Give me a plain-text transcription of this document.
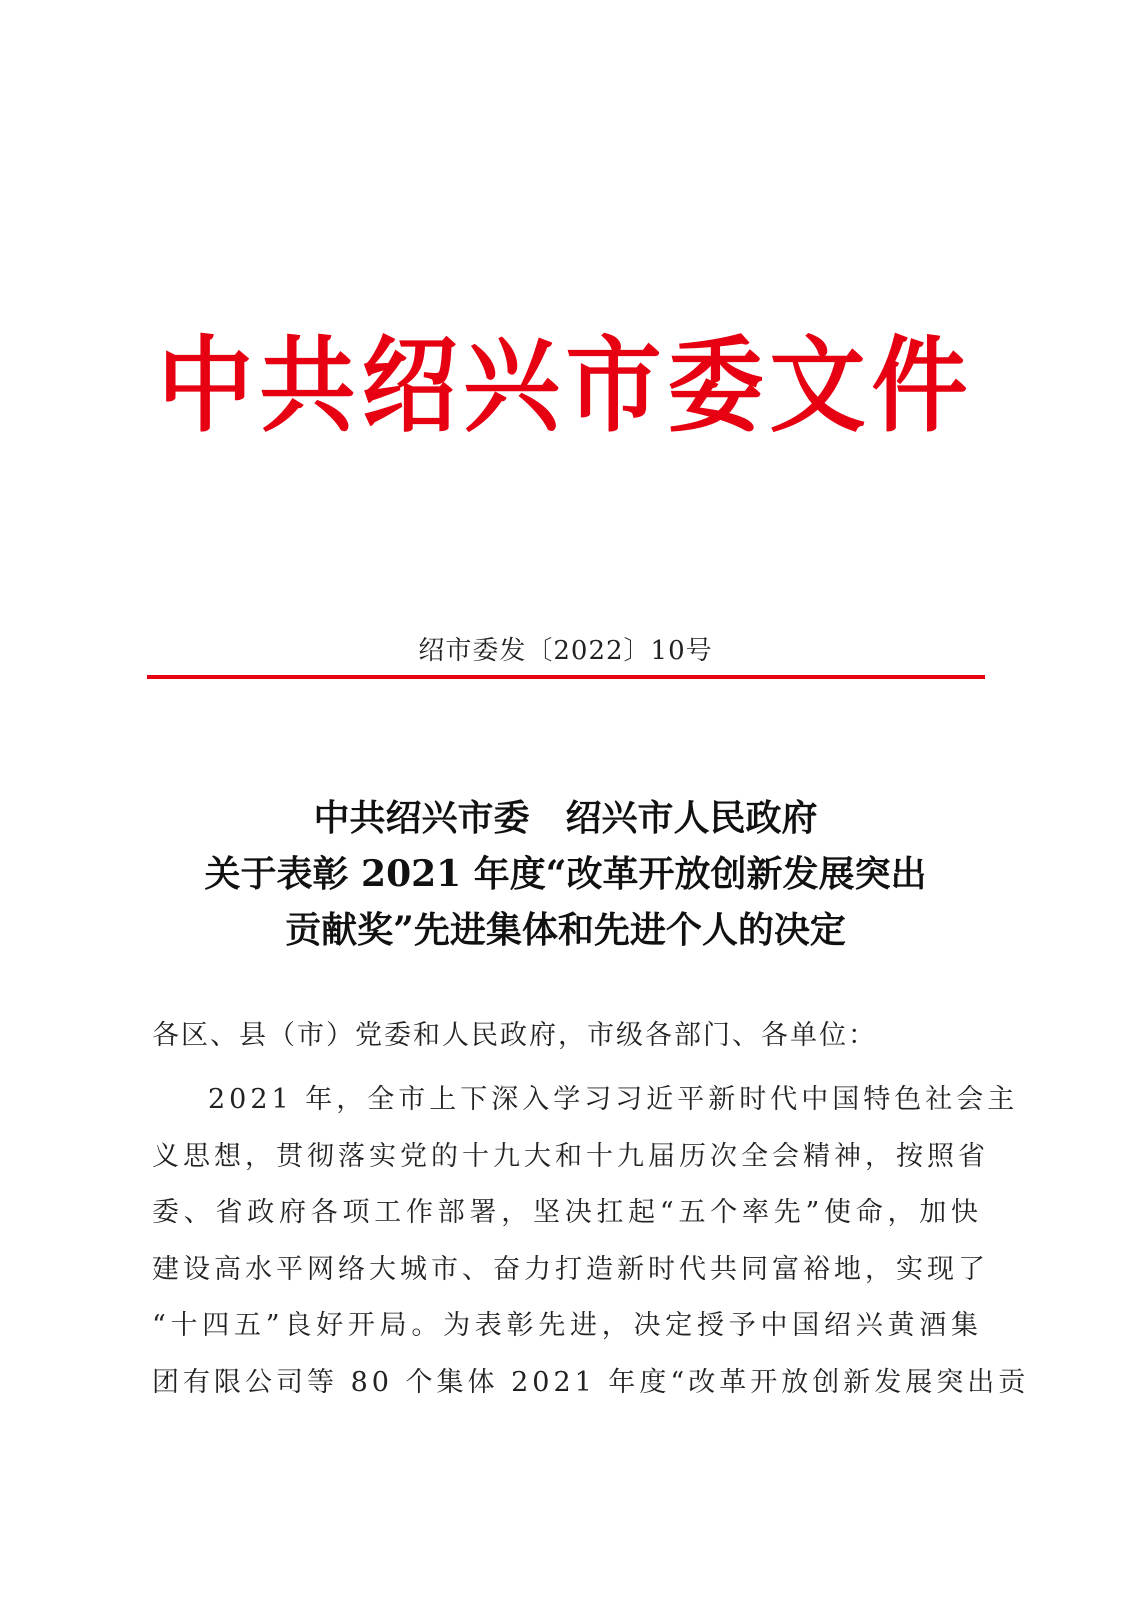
中共绍兴市委文件
绍市委发〔2022〕10号
中共绍兴市委　绍兴市人民政府
关于表彰 2021 年度“改革开放创新发展突出
贡献奖”先进集体和先进个人的决定
各区、县（市）党委和人民政府，市级各部门、各单位：
2021 年，全市上下深入学习习近平新时代中国特色社会主
义思想，贯彻落实党的十九大和十九届历次全会精神，按照省
委、省政府各项工作部署，坚决扛起“五个率先”使命，加快
建设高水平网络大城市、奋力打造新时代共同富裕地，实现了
“十四五”良好开局。为表彰先进，决定授予中国绍兴黄酒集
团有限公司等 80 个集体 2021 年度“改革开放创新发展突出贡
